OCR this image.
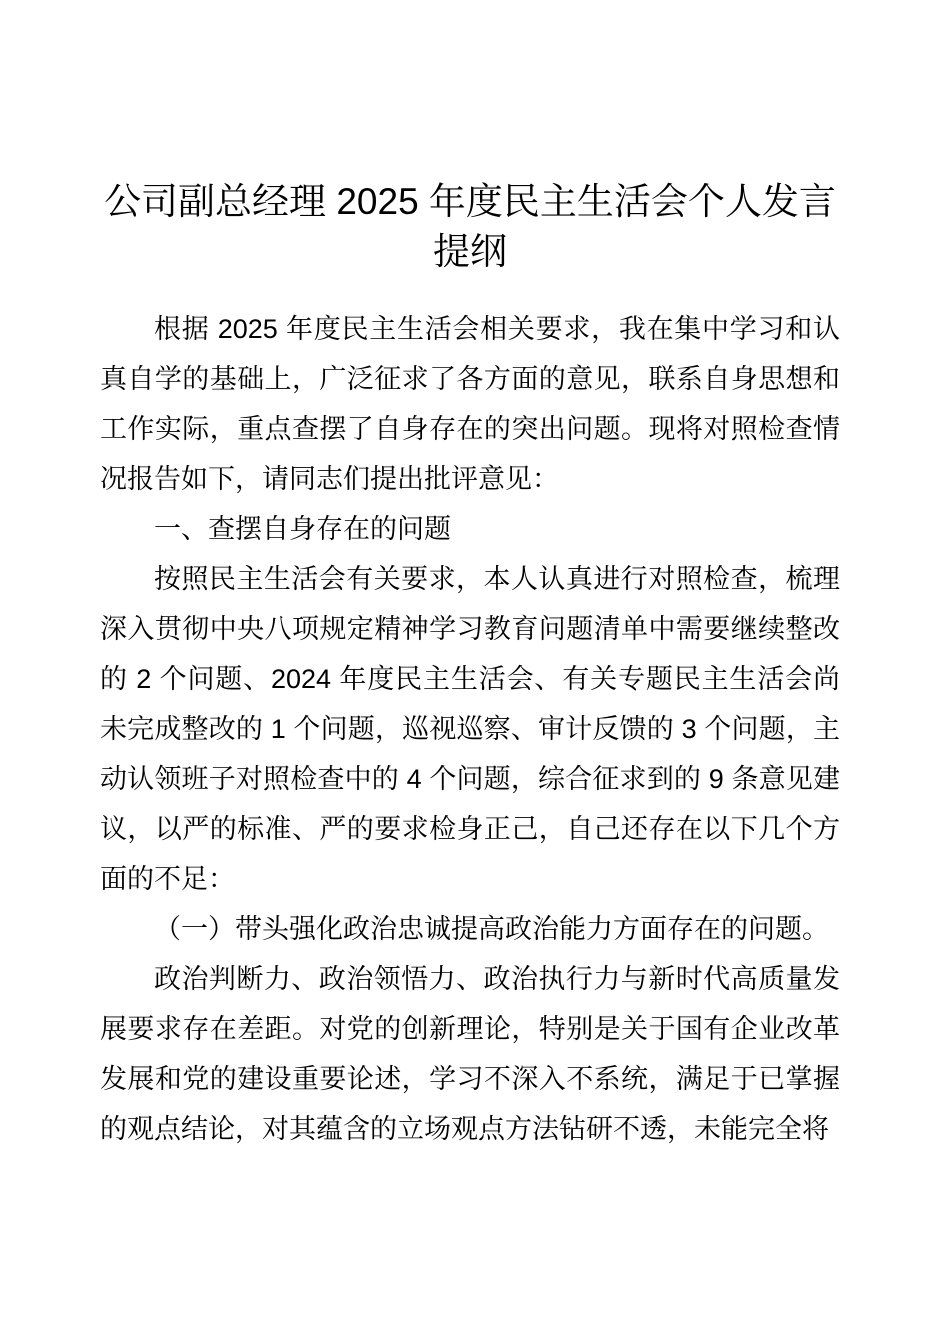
公司副总经理 2025 年度民主生活会个人发言
提纲

根据 2025 年度民主生活会相关要求，我在集中学习和认真自学的基础上，广泛征求了各方面的意见，联系自身思想和工作实际，重点查摆了自身存在的突出问题。现将对照检查情况报告如下，请同志们提出批评意见：

一、查摆自身存在的问题

按照民主生活会有关要求，本人认真进行对照检查，梳理深入贯彻中央八项规定精神学习教育问题清单中需要继续整改的 2 个问题、2024 年度民主生活会、有关专题民主生活会尚未完成整改的 1 个问题，巡视巡察、审计反馈的 3 个问题，主动认领班子对照检查中的 4 个问题，综合征求到的 9 条意见建议，以严的标准、严的要求检身正己，自己还存在以下几个方面的不足：

（一）带头强化政治忠诚提高政治能力方面存在的问题。

政治判断力、政治领悟力、政治执行力与新时代高质量发展要求存在差距。对党的创新理论，特别是关于国有企业改革发展和党的建设重要论述，学习不深入不系统，满足于已掌握的观点结论，对其蕴含的立场观点方法钻研不透，未能完全将
